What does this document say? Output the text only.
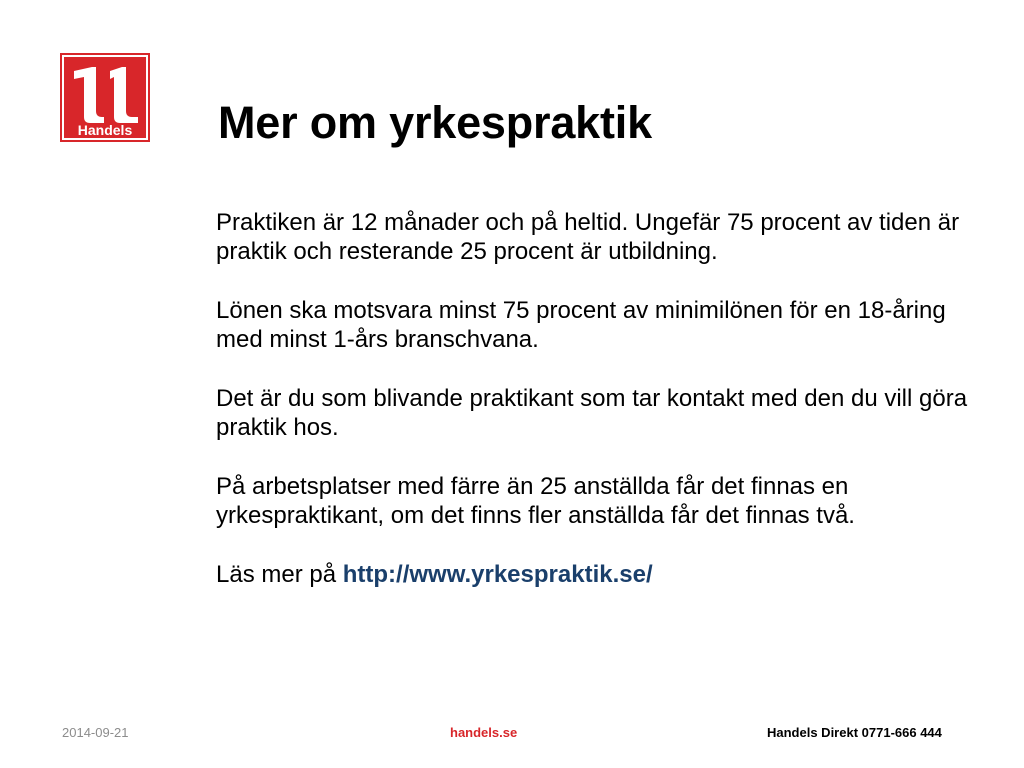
Handels Mer om yrkespraktik

Praktiken är 12 månader och på heltid. Ungefär 75 procent av tiden är praktik och resterande 25 procent är utbildning.

Lönen ska motsvara minst 75 procent av minimilönen för en 18-åring med minst 1-års branschvana.

Det är du som blivande praktikant som tar kontakt med den du vill göra praktik hos.

På arbetsplatser med färre än 25 anställda får det finnas en yrkespraktikant, om det finns fler anställda får det finnas två.

Läs mer på http://www.yrkespraktik.se/

2014-09-21	handels.se	Handels Direkt 0771-666 444
